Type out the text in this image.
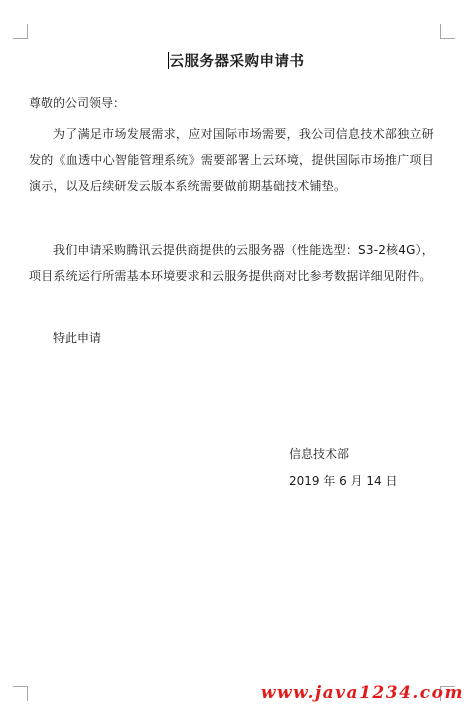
云服务器采购申请书
尊敬的公司领导：

为了满足市场发展需求，应对国际市场需要，我公司信息技术部独立研发的《血透中心智能管理系统》需要部署上云环境，提供国际市场推广项目演示，以及后续研发云版本系统需要做前期基础技术铺垫。

我们申请采购腾讯云提供商提供的云服务器（性能选型：S3-2核4G），项目系统运行所需基本环境要求和云服务提供商对比参考数据详细见附件。

特此申请
信息技术部
2019 年 6 月 14 日
www.java1234.com
